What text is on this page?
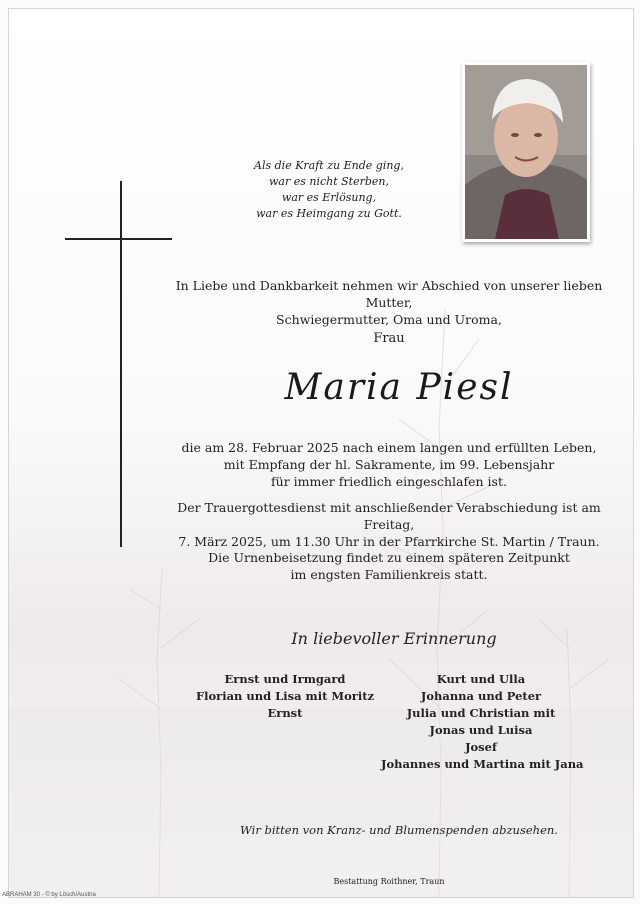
Als die Kraft zu Ende ging,
war es nicht Sterben,
war es Erlösung,
war es Heimgang zu Gott.
In Liebe und Dankbarkeit nehmen wir Abschied von unserer lieben Mutter,
Schwiegermutter, Oma und Uroma,
Frau
Maria Piesl
die am 28. Februar 2025 nach einem langen und erfüllten Leben,
mit Empfang der hl. Sakramente, im 99. Lebensjahr
für immer friedlich eingeschlafen ist.
Der Trauergottesdienst mit anschließender Verabschiedung ist am Freitag,
7. März 2025, um 11.30 Uhr in der Pfarrkirche St. Martin / Traun.
Die Urnenbeisetzung findet zu einem späteren Zeitpunkt
im engsten Familienkreis statt.
In liebevoller Erinnerung
Ernst und Irmgard
Florian und Lisa mit Moritz
Ernst
Kurt und Ulla
Johanna und Peter
Julia und Christian mit
Jonas und Luisa
Josef
Johannes und Martina mit Jana
Wir bitten von Kranz- und Blumenspenden abzusehen.
Bestattung Roithner, Traun
ABRAHAM 30 - © by Lösch/Austria
